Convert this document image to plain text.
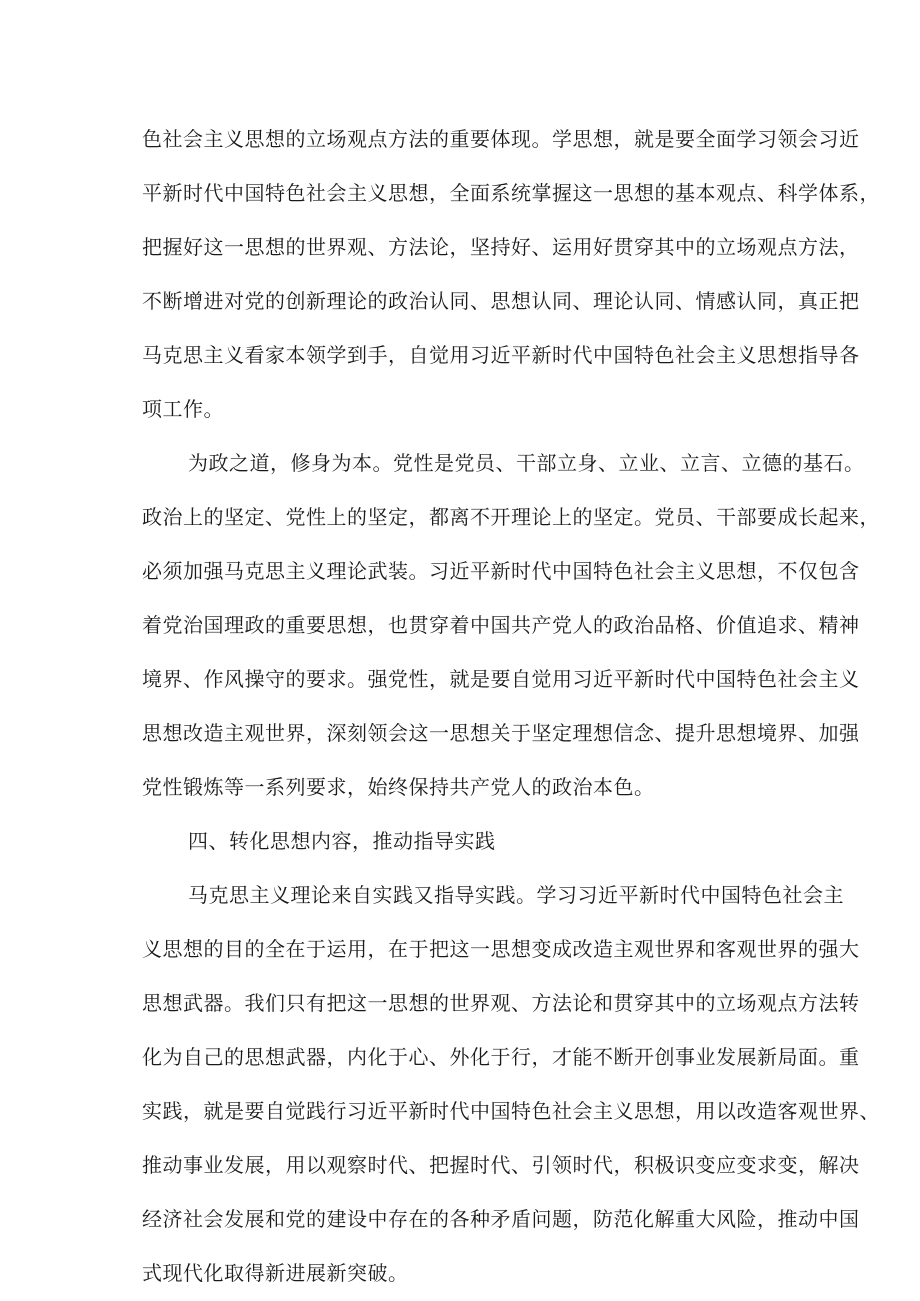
色社会主义思想的立场观点方法的重要体现。学思想，就是要全面学习领会习近
平新时代中国特色社会主义思想，全面系统掌握这一思想的基本观点、科学体系，
把握好这一思想的世界观、方法论，坚持好、运用好贯穿其中的立场观点方法，
不断增进对党的创新理论的政治认同、思想认同、理论认同、情感认同，真正把
马克思主义看家本领学到手，自觉用习近平新时代中国特色社会主义思想指导各
项工作。
为政之道，修身为本。党性是党员、干部立身、立业、立言、立德的基石。
政治上的坚定、党性上的坚定，都离不开理论上的坚定。党员、干部要成长起来，
必须加强马克思主义理论武装。习近平新时代中国特色社会主义思想，不仅包含
着党治国理政的重要思想，也贯穿着中国共产党人的政治品格、价值追求、精神
境界、作风操守的要求。强党性，就是要自觉用习近平新时代中国特色社会主义
思想改造主观世界，深刻领会这一思想关于坚定理想信念、提升思想境界、加强
党性锻炼等一系列要求，始终保持共产党人的政治本色。
四、转化思想内容，推动指导实践
马克思主义理论来自实践又指导实践。学习习近平新时代中国特色社会主
义思想的目的全在于运用，在于把这一思想变成改造主观世界和客观世界的强大
思想武器。我们只有把这一思想的世界观、方法论和贯穿其中的立场观点方法转
化为自己的思想武器，内化于心、外化于行，才能不断开创事业发展新局面。重
实践，就是要自觉践行习近平新时代中国特色社会主义思想，用以改造客观世界、
推动事业发展，用以观察时代、把握时代、引领时代，积极识变应变求变，解决
经济社会发展和党的建设中存在的各种矛盾问题，防范化解重大风险，推动中国
式现代化取得新进展新突破。
